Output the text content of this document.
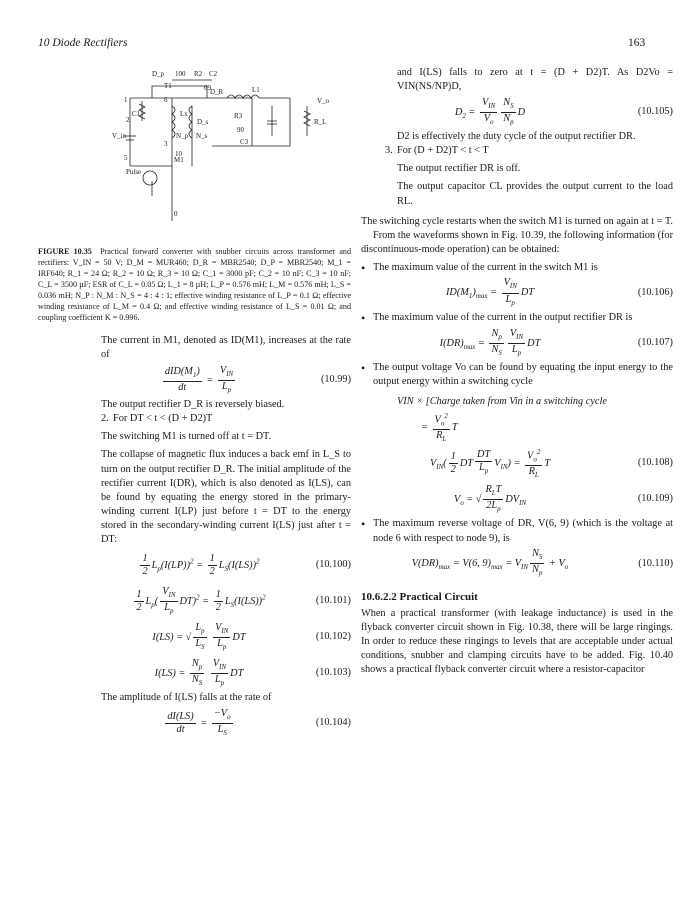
10 Diode Rectifiers	163
D_p 100 R2 C2
T1	69	L1
D_R
Lx
D_s
R3
C1
R_L
V_o
V_in	N_p N_s
C3
90
M1
Pulse
5	10
3
2
1	6
0
FIGURE 10.35 Practical forward converter with snubber circuits across transformer and rectifiers: V_IN = 50 V; D_M = MUR460; D_R = MBR2540; D_P = MBR2540; M_1 = IRF640; R_1 = 24 Ω; R_2 = 10 Ω; R_3 = 10 Ω; C_1 = 3000 pF; C_2 = 10 nF; C_3 = 10 nF; C_L = 3500 µF; ESR of C_L = 0.05 Ω; L_1 = 8 µH; L_P = 0.576 mH; L_M = 0.576 mH; L_S = 0.036 mH; N_P : N_M : N_S = 4 : 4 : 1; effective winding resistance of L_P = 0.1 Ω; effective winding resistance of L_M = 0.4 Ω; and effective winding resistance of L_S = 0.01 Ω; and coupling coefficient K = 0.996.

The current in M1, denoted as ID(M1), increases at the rate of

$\frac{dID(M_1)}{dt} = \frac{V_{IN}}{L_p}$	(10.99)

The output rectifier D_R is reversely biased.

2. For DT < t < (D + D2)T

The switching M1 is turned off at t = DT.

The collapse of magnetic flux induces a back emf in L_S to turn on the output rectifier D_R. The initial amplitude of the rectifier current I(DR), which is also denoted as I(LS), can be found by equating the energy stored in the primary-winding current I(LP) just before t = DT to the energy stored in the secondary-winding current I(LS) just after t = DT:

$\frac{1}{2} L_p(I(LP))^2 = \frac{1}{2} L_S(I(LS))^2$	(10.100)
$\frac{1}{2} L_p( \frac{V_{IN}}{L_p} DT)^2 = \frac{1}{2} L_S(I(LS))^2$	(10.101)
I(LS) = √ $\frac{L_p}{L_S}$
$\frac{V_{IN}}{L_p}$ DT	(10.102)
$I(LS) = \frac{N_p}{N_S}$
$\frac{V_{IN}}{L_p}$ DT	(10.103)

The amplitude of I(LS) falls at the rate of

$\frac{dI(LS)}{dt} = \frac{-V_o}{L_S}$	(10.104)

and I(LS) falls to zero at t = (D + D2)T. As D2Vo = VIN(NS/NP)D,

$D_2 = \frac{V_{IN}}{V_o} \frac{N_S}{N_p}$ D	(10.105)

D2 is effectively the duty cycle of the output rectifier DR.

3. For (D + D2)T < t < T

The output rectifier DR is off.

The output capacitor CL provides the output current to the load RL.

The switching cycle restarts when the switch M1 is turned on again at t = T.

From the waveforms shown in Fig. 10.39, the following information (for discontinuous-mode operation) can be obtained:

• The maximum value of the current in the switch M1 is
$ID(M_1)_{max} = \frac{V_{IN}}{L_p}$ DT	(10.106)
• The maximum value of the current in the output rectifier DR is
$I(DR)_{max} = \frac{N_p}{N_S} \frac{V_{IN}}{L_p}$ DT	(10.107)
• The output voltage Vo can be found by equating the input energy to the output energy within a switching cycle

VIN × [Charge taken from Vin in a switching cycle

= $\frac{V_o^2}{R_L}$ T
$V_{IN}( \frac{1}{2}$ DT $\frac{DT}{L_p} V_{IN}) = \frac{V_o^2}{R_L}$ T	(10.108)
$V_o$ = √ $\frac{R_LT}{2L_p} DV_{IN}$	(10.109)
• The maximum reverse voltage of DR, V(6, 9) (which is the voltage at node 6 with respect to node 9), is
$V(DR)_{max} = V(6$, $9)_{max} = V_{IN} \frac{N_S}{N_p} + V_o$	(10.110)
10.6.2.2 Practical Circuit

When a practical transformer (with leakage inductance) is used in the flyback converter circuit shown in Fig. 10.38, there will be large ringings. In order to reduce these ringings to levels that are acceptable under actual conditions, snubber and clamping circuits have to be added. Fig. 10.40 shows a practical flyback converter circuit where a resistor-capacitor
